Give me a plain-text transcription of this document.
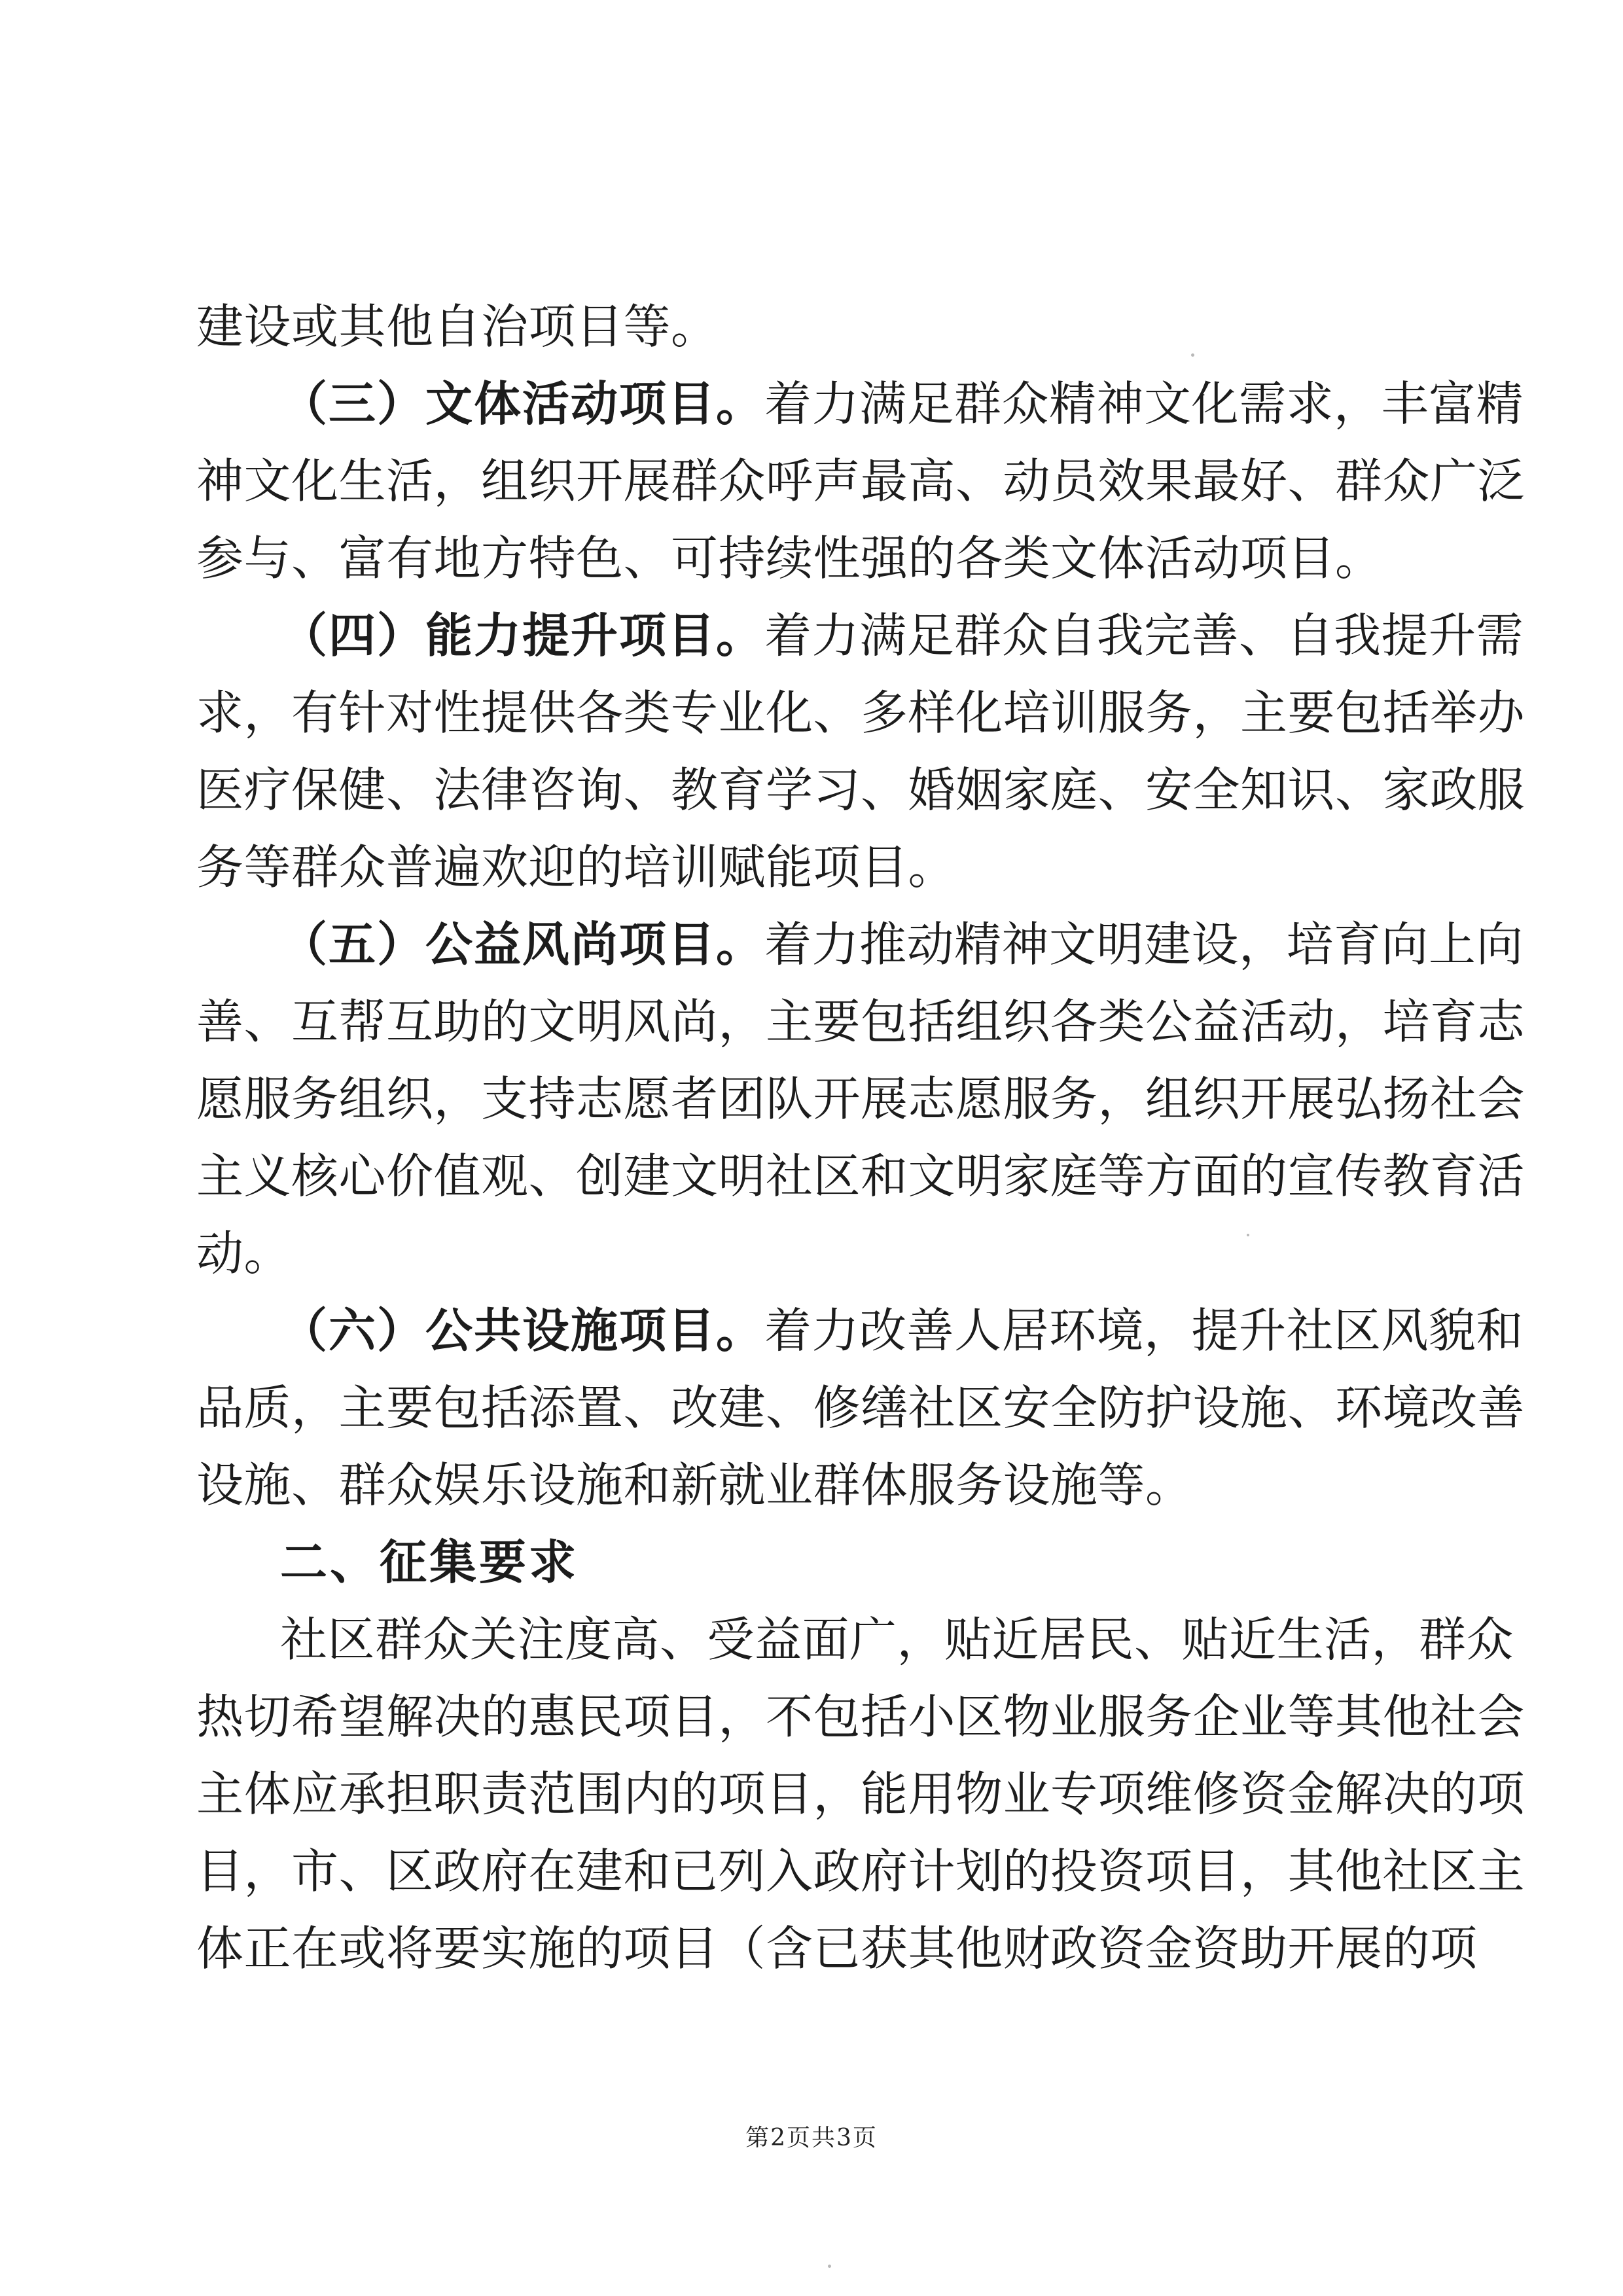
建设或其他自治项目等。
（三）文体活动项目。着力满足群众精神文化需求，丰富精
神文化生活，组织开展群众呼声最高、动员效果最好、群众广泛
参与、富有地方特色、可持续性强的各类文体活动项目。
（四）能力提升项目。着力满足群众自我完善、自我提升需
求，有针对性提供各类专业化、多样化培训服务，主要包括举办
医疗保健、法律咨询、教育学习、婚姻家庭、安全知识、家政服
务等群众普遍欢迎的培训赋能项目。
（五）公益风尚项目。着力推动精神文明建设，培育向上向
善、互帮互助的文明风尚，主要包括组织各类公益活动，培育志
愿服务组织，支持志愿者团队开展志愿服务，组织开展弘扬社会
主义核心价值观、创建文明社区和文明家庭等方面的宣传教育活
动。
（六）公共设施项目。着力改善人居环境，提升社区风貌和
品质，主要包括添置、改建、修缮社区安全防护设施、环境改善
设施、群众娱乐设施和新就业群体服务设施等。
二、征集要求
社区群众关注度高、受益面广，贴近居民、贴近生活，群众
热切希望解决的惠民项目，不包括小区物业服务企业等其他社会
主体应承担职责范围内的项目，能用物业专项维修资金解决的项
目，市、区政府在建和已列入政府计划的投资项目，其他社区主
体正在或将要实施的项目（含已获其他财政资金资助开展的项
第2页共3页
